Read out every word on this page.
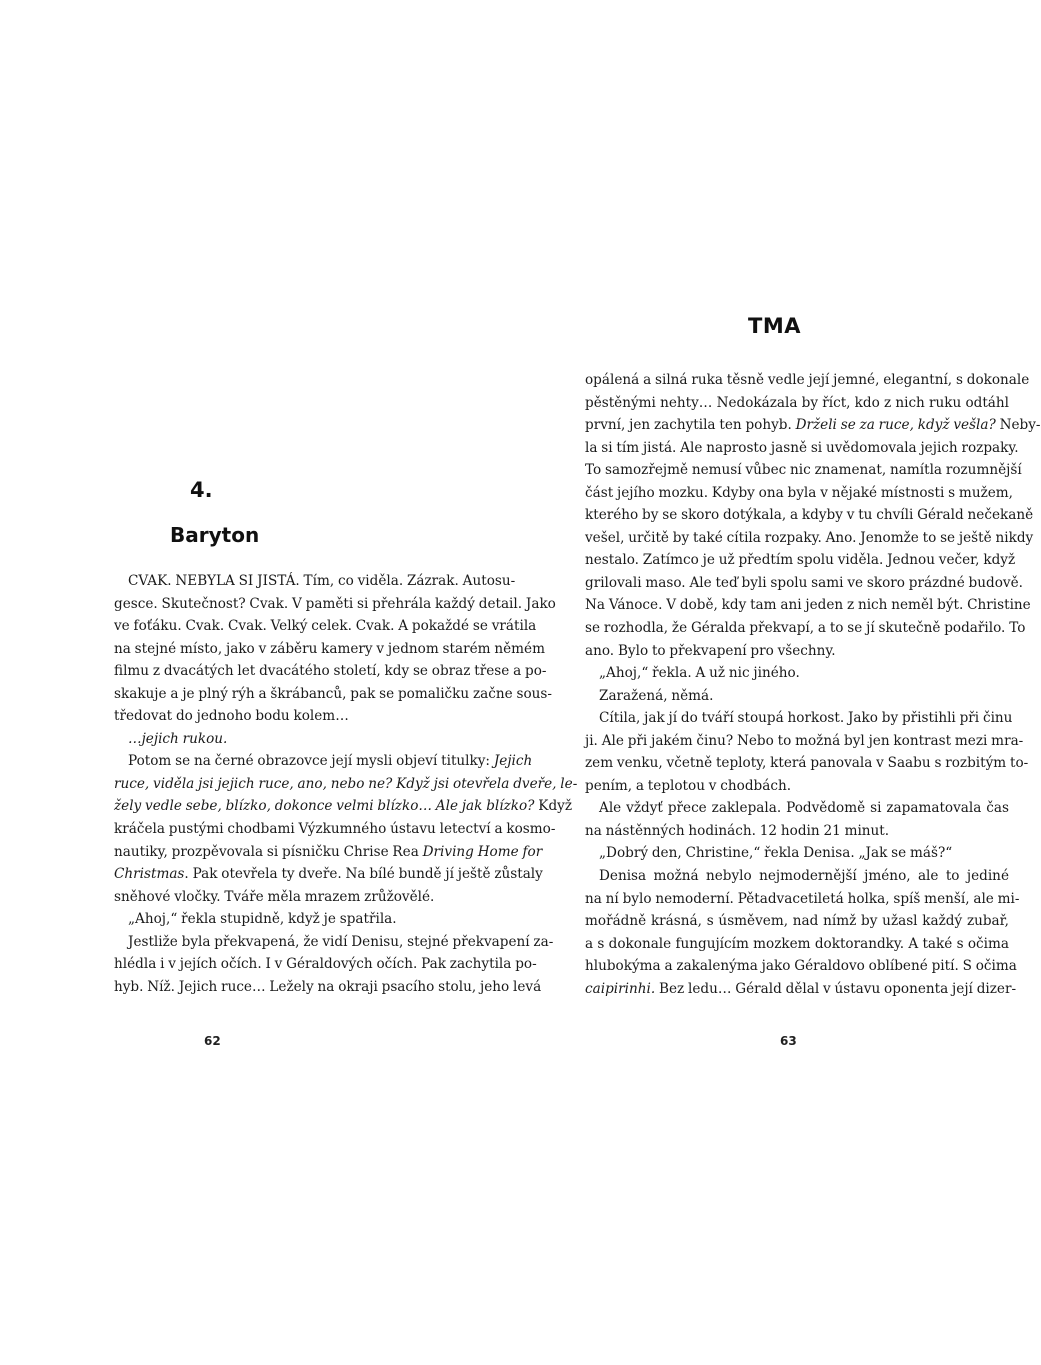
4.
Baryton
CVAK. NEBYLA SI JISTÁ. Tím, co viděla. Zázrak. Autosu-
gesce. Skutečnost? Cvak. V paměti si přehrála každý detail. Jako
ve foťáku. Cvak. Cvak. Velký celek. Cvak. A pokaždé se vrátila
na stejné místo, jako v záběru kamery v jednom starém němém
filmu z dvacátých let dvacátého století, kdy se obraz třese a po-
skakuje a je plný rýh a škrábanců, pak se pomaličku začne sous-
tředovat do jednoho bodu kolem…
…jejich rukou.
Potom se na černé obrazovce její mysli objeví titulky: Jejich
ruce, viděla jsi jejich ruce, ano, nebo ne? Když jsi otevřela dveře, le-
žely vedle sebe, blízko, dokonce velmi blízko… Ale jak blízko? Když
kráčela pustými chodbami Výzkumného ústavu letectví a kosmo-
nautiky, prozpěvovala si písničku Chrise Rea Driving Home for
Christmas. Pak otevřela ty dveře. Na bílé bundě jí ještě zůstaly
sněhové vločky. Tváře měla mrazem zrůžovělé.
„Ahoj,“ řekla stupidně, když je spatřila.
Jestliže byla překvapená, že vidí Denisu, stejné překvapení za-
hlédla i v jejích očích. I v Géraldových očích. Pak zachytila po-
hyb. Níž. Jejich ruce… Ležely na okraji psacího stolu, jeho levá
62
TMA
opálená a silná ruka těsně vedle její jemné, elegantní, s dokonale
pěstěnými nehty… Nedokázala by říct, kdo z nich ruku odtáhl
první, jen zachytila ten pohyb. Drželi se za ruce, když vešla? Neby-
la si tím jistá. Ale naprosto jasně si uvědomovala jejich rozpaky.
To samozřejmě nemusí vůbec nic znamenat, namítla rozumnější
část jejího mozku. Kdyby ona byla v nějaké místnosti s mužem,
kterého by se skoro dotýkala, a kdyby v tu chvíli Gérald nečekaně
vešel, určitě by také cítila rozpaky. Ano. Jenomže to se ještě nikdy
nestalo. Zatímco je už předtím spolu viděla. Jednou večer, když
grilovali maso. Ale teď byli spolu sami ve skoro prázdné budově.
Na Vánoce. V době, kdy tam ani jeden z nich neměl být. Christine
se rozhodla, že Géralda překvapí, a to se jí skutečně podařilo. To
ano. Bylo to překvapení pro všechny.
„Ahoj,“ řekla. A už nic jiného.
Zaražená, němá.
Cítila, jak jí do tváří stoupá horkost. Jako by přistihli při činu
ji. Ale při jakém činu? Nebo to možná byl jen kontrast mezi mra-
zem venku, včetně teploty, která panovala v Saabu s rozbitým to-
pením, a teplotou v chodbách.
Ale vždyť přece zaklepala. Podvědomě si zapamatovala čas
na nástěnných hodinách. 12 hodin 21 minut.
„Dobrý den, Christine,“ řekla Denisa. „Jak se máš?“
Denisa možná nebylo nejmodernější jméno, ale to jediné
na ní bylo nemoderní. Pětadvacetiletá holka, spíš menší, ale mi-
mořádně krásná, s úsměvem, nad nímž by užasl každý zubař,
a s dokonale fungujícím mozkem doktorandky. A také s očima
hlubokýma a zakalenýma jako Géraldovo oblíbené pití. S očima
caipirinhi. Bez ledu… Gérald dělal v ústavu oponenta její dizer-
63
